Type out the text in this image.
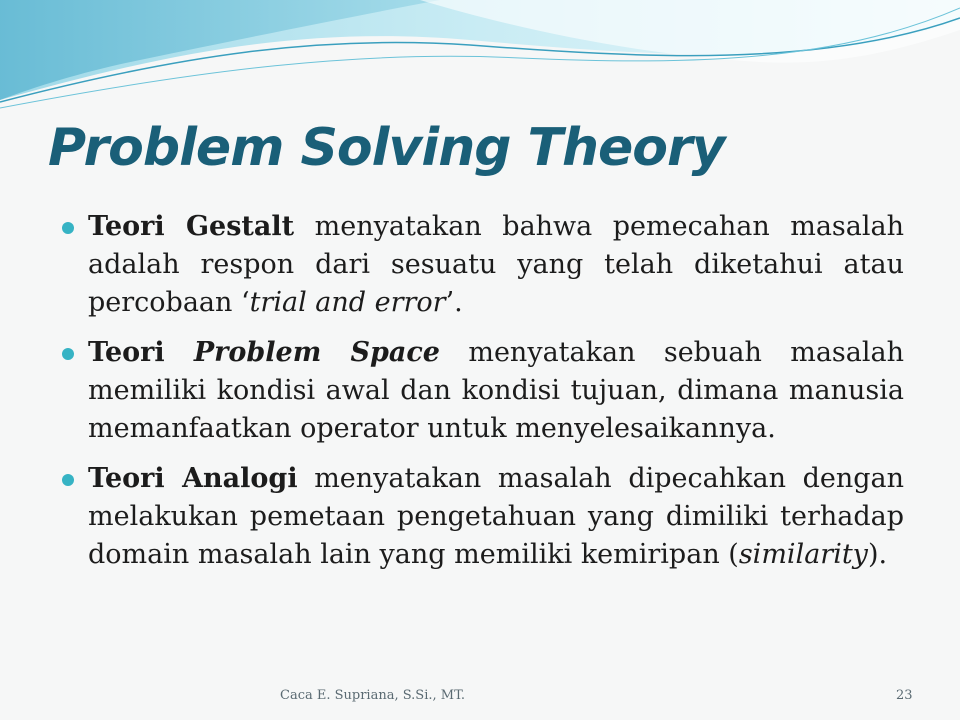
Problem Solving Theory
Teori Gestalt menyatakan bahwa pemecahan masalah adalah respon dari sesuatu yang telah diketahui atau percobaan ‘trial and error’.
Teori Problem Space menyatakan sebuah masalah memiliki kondisi awal dan kondisi tujuan, dimana manusia memanfaatkan operator untuk menyelesaikannya.
Teori Analogi menyatakan masalah dipecahkan dengan melakukan pemetaan pengetahuan yang dimiliki terhadap domain masalah lain yang memiliki kemiripan (similarity).
Caca E. Supriana, S.Si., MT.	23
